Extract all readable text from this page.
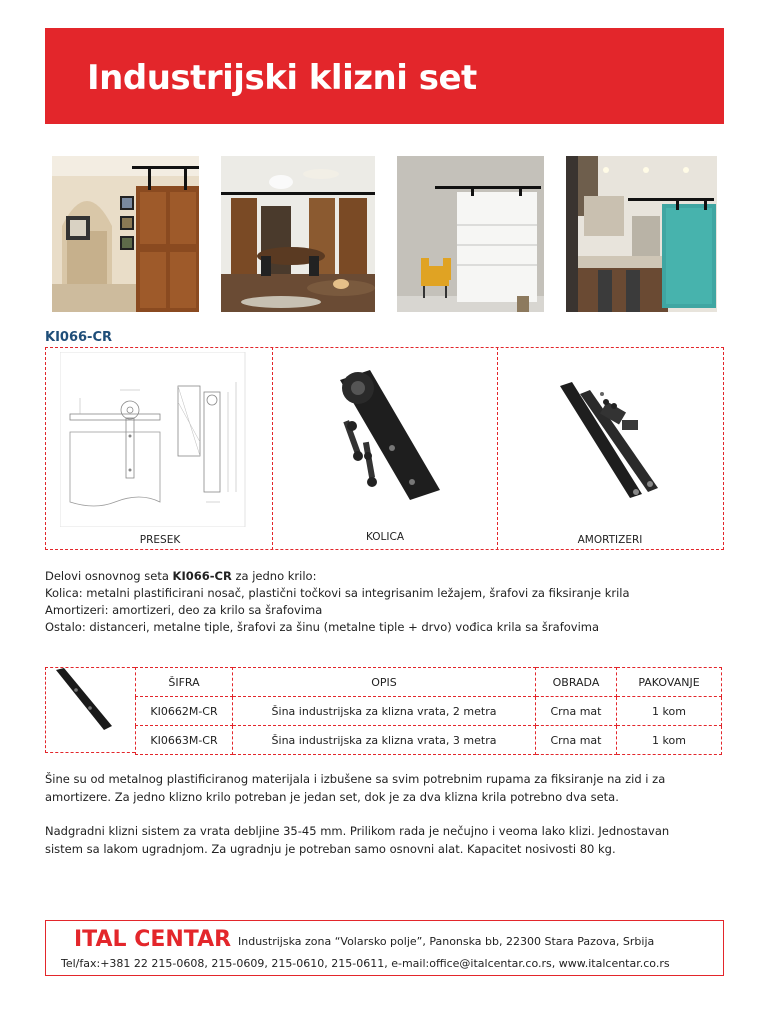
Industrijski klizni set
KI066-CR
PRESEK	KOLICA	AMORTIZERI
Delovi osnovnog seta KI066-CR za jedno krilo:
Kolica: metalni plastificirani nosač, plastični točkovi sa integrisanim ležajem, šrafovi za fiksiranje krila
Amortizeri: amortizeri, deo za krilo sa šrafovima
Ostalo: distanceri, metalne tiple, šrafovi za šinu (metalne tiple + drvo) vođica krila sa šrafovima
ŠIFRA	OPIS	OBRADA	PAKOVANJE
KI0662M-CR	Šina industrijska za klizna vrata, 2 metra	Crna mat	1 kom
KI0663M-CR	Šina industrijska za klizna vrata, 3 metra	Crna mat	1 kom
Šine su od metalnog plastificiranog materijala i izbušene sa svim potrebnim rupama za fiksiranje na zid i za
amortizere. Za jedno klizno krilo potreban je jedan set, dok je za dva klizna krila potrebno dva seta.
Nadgradni klizni sistem za vrata debljine 35-45 mm. Prilikom rada je nečujno i veoma lako klizi. Jednostavan
sistem sa lakom ugradnjom. Za ugradnju je potreban samo osnovni alat. Kapacitet nosivosti 80 kg.
ITAL CENTAR Industrijska zona “Volarsko polje”, Panonska bb, 22300 Stara Pazova, Srbija
Tel/fax:+381 22 215-0608, 215-0609, 215-0610, 215-0611, e-mail:office@italcentar.co.rs, www.italcentar.co.rs
